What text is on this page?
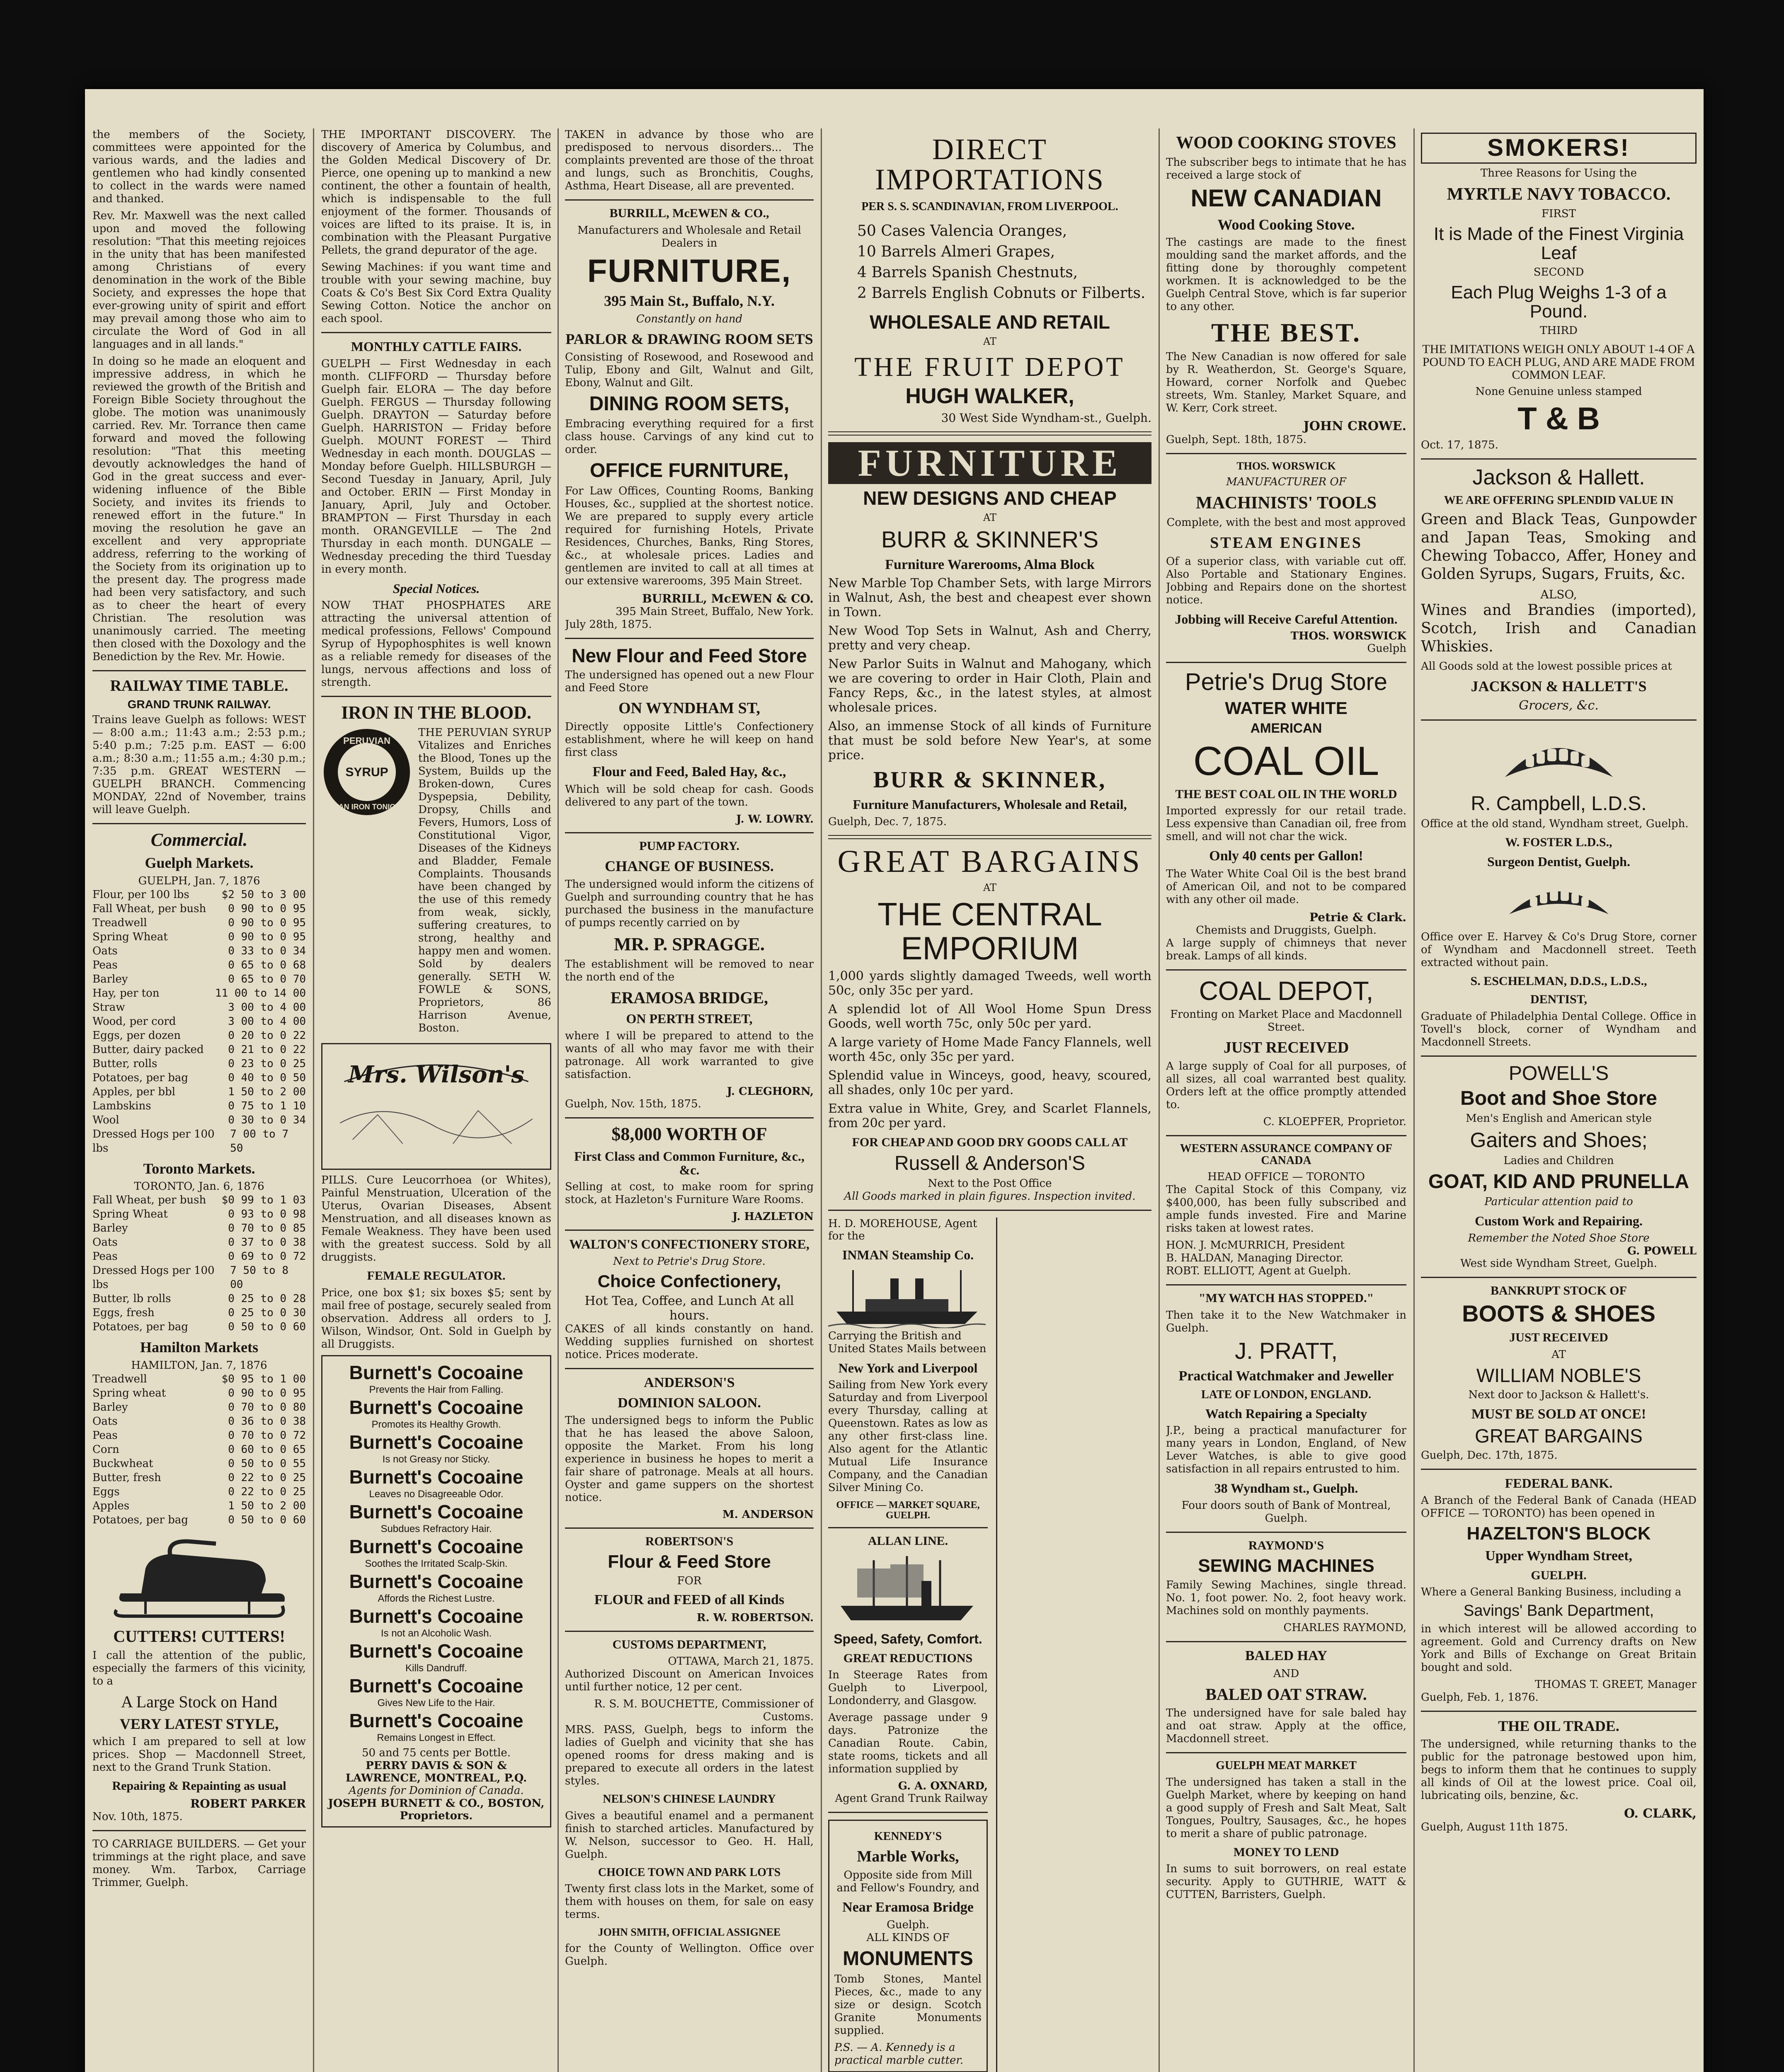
the members of the Society, committees were appointed for the various wards, and the ladies and gentlemen who had kindly consented to collect in the wards were named and thanked.

Rev. Mr. Maxwell was the next called upon and moved the following resolution: "That this meeting rejoices in the unity that has been manifested among Christians of every denomination in the work of the Bible Society, and expresses the hope that ever-growing unity of spirit and effort may prevail among those who aim to circulate the Word of God in all languages and in all lands."

In doing so he made an eloquent and impressive address, in which he reviewed the growth of the British and Foreign Bible Society throughout the globe. The motion was unanimously carried. Rev. Mr. Torrance then came forward and moved the following resolution: "That this meeting devoutly acknowledges the hand of God in the great success and ever-widening influence of the Bible Society, and invites its friends to renewed effort in the future." In moving the resolution he gave an excellent and very appropriate address, referring to the working of the Society from its origination up to the present day. The progress made had been very satisfactory, and such as to cheer the heart of every Christian. The resolution was unanimously carried. The meeting then closed with the Doxology and the Benediction by the Rev. Mr. Howie.

RAILWAY TIME TABLE.
GRAND TRUNK RAILWAY.

Trains leave Guelph as follows: WEST — 8:00 a.m.; 11:43 a.m.; 2:53 p.m.; 5:40 p.m.; 7:25 p.m. EAST — 6:00 a.m.; 8:30 a.m.; 11:55 a.m.; 4:30 p.m.; 7:35 p.m. GREAT WESTERN — GUELPH BRANCH. Commencing MONDAY, 22nd of November, trains will leave Guelph.

Commercial.
Guelph Markets.
GUELPH, Jan. 7, 1876
Flour, per 100 lbs	$2 50 to 3 00
Fall Wheat, per bush 0 90 to 0 95
Treadwell	0 90 to 0 95
Spring Wheat	0 90 to 0 95
Oats	0 33 to 0 34
Peas	0 65 to 0 68
Barley	0 65 to 0 70
Hay, per ton	11 00 to 14 00
Straw	3 00 to 4 00
Wood, per cord	3 00 to 4 00
Eggs, per dozen	0 20 to 0 22
Butter, dairy packed 0 21 to 0 22
Butter, rolls	0 23 to 0 25
Potatoes, per bag	0 40 to 0 50
Apples, per bbl	1 50 to 2 00
Lambskins	0 75 to 1 10
Wool	0 30 to 0 34
Dressed Hogs per 100 lbs
7 00 to 7 50
Toronto Markets.
TORONTO, Jan. 6, 1876
Fall Wheat, per bush $0 99 to 1 03
Spring Wheat	0 93 to 0 98
Barley	0 70 to 0 85
Oats	0 37 to 0 38
Peas	0 69 to 0 72
Dressed Hogs per 100 lbs
7 50 to 8 00
Butter, lb rolls	0 25 to 0 28
Eggs, fresh	0 25 to 0 30
Potatoes, per bag	0 50 to 0 60
Hamilton Markets
HAMILTON, Jan. 7, 1876
Treadwell	$0 95 to 1 00
Spring wheat	0 90 to 0 95
Barley	0 70 to 0 80
Oats	0 36 to 0 38
Peas	0 70 to 0 72
Corn	0 60 to 0 65
Buckwheat	0 50 to 0 55
Butter, fresh	0 22 to 0 25
Eggs	0 22 to 0 25
Apples	1 50 to 2 00
Potatoes, per bag	0 50 to 0 60
CUTTERS! CUTTERS!

I call the attention of the public, especially the farmers of this vicinity, to a

A Large Stock on Hand
VERY LATEST STYLE,

which I am prepared to sell at low prices. Shop — Macdonnell Street, next to the Grand Trunk Station.

Repairing & Repainting as usual
ROBERT PARKER
Nov. 10th, 1875.

TO CARRIAGE BUILDERS. — Get your trimmings at the right place, and save money. Wm. Tarbox, Carriage Trimmer, Guelph.

THE IMPORTANT DISCOVERY. The discovery of America by Columbus, and the Golden Medical Discovery of Dr. Pierce, one opening up to mankind a new continent, the other a fountain of health, which is indispensable to the full enjoyment of the former. Thousands of voices are lifted to its praise. It is, in combination with the Pleasant Purgative Pellets, the grand depurator of the age.

Sewing Machines: if you want time and trouble with your sewing machine, buy Coats & Co's Best Six Cord Extra Quality Sewing Cotton. Notice the anchor on each spool.

MONTHLY CATTLE FAIRS.

GUELPH — First Wednesday in each month. CLIFFORD — Thursday before Guelph fair. ELORA — The day before Guelph. FERGUS — Thursday following Guelph. DRAYTON — Saturday before Guelph. HARRISTON — Friday before Guelph. MOUNT FOREST — Third Wednesday in each month. DOUGLAS — Monday before Guelph. HILLSBURGH — Second Tuesday in January, April, July and October. ERIN — First Monday in January, April, July and October. BRAMPTON — First Thursday in each month. ORANGEVILLE — The 2nd Thursday in each month. DUNGALE — Wednesday preceding the third Tuesday in every month.

Special Notices.

NOW THAT PHOSPHATES ARE attracting the universal attention of medical professions, Fellows' Compound Syrup of Hypophosphites is well known as a reliable remedy for diseases of the lungs, nervous affections and loss of strength.

IRON IN THE BLOOD.
PERUVIAN
SYRUP
AN IRON TONIC

THE PERUVIAN SYRUP Vitalizes and Enriches the Blood, Tones up the System, Builds up the Broken-down, Cures Dyspepsia, Debility, Dropsy, Chills and Fevers, Humors, Loss of Constitutional Vigor, Diseases of the Kidneys and Bladder, Female Complaints. Thousands have been changed by the use of this remedy from weak, sickly, suffering creatures, to strong, healthy and happy men and women. Sold by dealers generally. SETH W. FOWLE & SONS, Proprietors, 86 Harrison Avenue, Boston.

Mrs. Wilson's

PILLS. Cure Leucorrhoea (or Whites), Painful Menstruation, Ulceration of the Uterus, Ovarian Diseases, Absent Menstruation, and all diseases known as Female Weakness. They have been used with the greatest success. Sold by all druggists.

FEMALE REGULATOR.

Price, one box $1; six boxes $5; sent by mail free of postage, securely sealed from observation. Address all orders to J. Wilson, Windsor, Ont. Sold in Guelph by all Druggists.

Burnett's Cocoaine
Prevents the Hair from Falling.
Burnett's Cocoaine
Promotes its Healthy Growth.
Burnett's Cocoaine
Is not Greasy nor Sticky.
Burnett's Cocoaine
Leaves no Disagreeable Odor.
Burnett's Cocoaine
Subdues Refractory Hair.
Burnett's Cocoaine
Soothes the Irritated Scalp-Skin.
Burnett's Cocoaine
Affords the Richest Lustre.
Burnett's Cocoaine
Is not an Alcoholic Wash.
Burnett's Cocoaine
Kills Dandruff.
Burnett's Cocoaine
Gives New Life to the Hair.
Burnett's Cocoaine
Remains Longest in Effect.
50 and 75 cents per Bottle.
PERRY DAVIS & SON & LAWRENCE, MONTREAL, P.Q.
Agents for Dominion of Canada.
JOSEPH BURNETT & CO., BOSTON, Proprietors.

TAKEN in advance by those who are predisposed to nervous disorders... The complaints prevented are those of the throat and lungs, such as Bronchitis, Coughs, Asthma, Heart Disease, all are prevented.

BURRILL, McEWEN & CO.,
Manufacturers and Wholesale and Retail Dealers in
FURNITURE,
395 Main St., Buffalo, N.Y.
Constantly on hand
PARLOR & DRAWING ROOM SETS

Consisting of Rosewood, and Rosewood and Tulip, Ebony and Gilt, Walnut and Gilt, Ebony, Walnut and Gilt.

DINING ROOM SETS,

Embracing everything required for a first class house. Carvings of any kind cut to order.

OFFICE FURNITURE,

For Law Offices, Counting Rooms, Banking Houses, &c., supplied at the shortest notice. We are prepared to supply every article required for furnishing Hotels, Private Residences, Churches, Banks, Ring Stores, &c., at wholesale prices. Ladies and gentlemen are invited to call at all times at our extensive warerooms, 395 Main Street.

BURRILL, McEWEN & CO.
395 Main Street, Buffalo, New York.
July 28th, 1875.
New Flour and Feed Store

The undersigned has opened out a new Flour and Feed Store

ON WYNDHAM ST,

Directly opposite Little's Confectionery establishment, where he will keep on hand first class

Flour and Feed, Baled Hay, &c.,

Which will be sold cheap for cash. Goods delivered to any part of the town.

J. W. LOWRY.
PUMP FACTORY.
CHANGE OF BUSINESS.

The undersigned would inform the citizens of Guelph and surrounding country that he has purchased the business in the manufacture of pumps recently carried on by

MR. P. SPRAGGE.

The establishment will be removed to near the north end of the

ERAMOSA BRIDGE,
ON PERTH STREET,

where I will be prepared to attend to the wants of all who may favor me with their patronage. All work warranted to give satisfaction.

J. CLEGHORN,
Guelph, Nov. 15th, 1875.
$8,000 WORTH OF
First Class and Common Furniture, &c., &c.

Selling at cost, to make room for spring stock, at Hazleton's Furniture Ware Rooms.

J. HAZLETON
WALTON'S CONFECTIONERY STORE,
Next to Petrie's Drug Store.
Choice Confectionery,
Hot Tea, Coffee, and Lunch At all hours.

CAKES of all kinds constantly on hand. Wedding supplies furnished on shortest notice. Prices moderate.

ANDERSON'S
DOMINION SALOON.

The undersigned begs to inform the Public that he has leased the above Saloon, opposite the Market. From his long experience in business he hopes to merit a fair share of patronage. Meals at all hours. Oyster and game suppers on the shortest notice.

M. ANDERSON
ROBERTSON'S
Flour & Feed Store
FOR
FLOUR and FEED of all Kinds
R. W. ROBERTSON.
CUSTOMS DEPARTMENT,
OTTAWA, March 21, 1875.

Authorized Discount on American Invoices until further notice, 12 per cent.

R. S. M. BOUCHETTE, Commissioner of Customs.

MRS. PASS, Guelph, begs to inform the ladies of Guelph and vicinity that she has opened rooms for dress making and is prepared to execute all orders in the latest styles.

NELSON'S CHINESE LAUNDRY

Gives a beautiful enamel and a permanent finish to starched articles. Manufactured by W. Nelson, successor to Geo. H. Hall, Guelph.

CHOICE TOWN AND PARK LOTS

Twenty first class lots in the Market, some of them with houses on them, for sale on easy terms.

JOHN SMITH, OFFICIAL ASSIGNEE

for the County of Wellington. Office over Guelph.

DIRECT IMPORTATIONS
PER S. S. SCANDINAVIAN, FROM LIVERPOOL.
50 Cases Valencia Oranges,
10 Barrels Almeri Grapes,
4 Barrels Spanish Chestnuts,
2 Barrels English Cobnuts or Filberts.
WHOLESALE AND RETAIL
AT
THE FRUIT DEPOT
HUGH WALKER,
30 West Side Wyndham-st., Guelph.
FURNITURE
NEW DESIGNS AND CHEAP
AT
BURR & SKINNER'S
Furniture Warerooms, Alma Block

New Marble Top Chamber Sets, with large Mirrors in Walnut, Ash, the best and cheapest ever shown in Town.

New Wood Top Sets in Walnut, Ash and Cherry, pretty and very cheap.

New Parlor Suits in Walnut and Mahogany, which we are covering to order in Hair Cloth, Plain and Fancy Reps, &c., in the latest styles, at almost wholesale prices.

Also, an immense Stock of all kinds of Furniture that must be sold before New Year's, at some price.

BURR & SKINNER,
Furniture Manufacturers, Wholesale and Retail,
Guelph, Dec. 7, 1875.
GREAT BARGAINS
AT
THE CENTRAL EMPORIUM

1,000 yards slightly damaged Tweeds, well worth 50c, only 35c per yard.

A splendid lot of All Wool Home Spun Dress Goods, well worth 75c, only 50c per yard.

A large variety of Home Made Fancy Flannels, well worth 45c, only 35c per yard.

Splendid value in Winceys, good, heavy, scoured, all shades, only 10c per yard.

Extra value in White, Grey, and Scarlet Flannels, from 20c per yard.

FOR CHEAP AND GOOD DRY GOODS CALL AT
Russell & Anderson'S
Next to the Post Office
All Goods marked in plain figures. Inspection invited.
H. D. MOREHOUSE, Agent for the
INMAN Steamship Co.
Carrying the British and United States Mails between
New York and Liverpool

Sailing from New York every Saturday and from Liverpool every Thursday, calling at Queenstown. Rates as low as any other first-class line. Also agent for the Atlantic Mutual Life Insurance Company, and the Canadian Silver Mining Co.

OFFICE — MARKET SQUARE, GUELPH.
ALLAN LINE.
Speed, Safety, Comfort.
GREAT REDUCTIONS

In Steerage Rates from Guelph to Liverpool, Londonderry, and Glasgow.

Average passage under 9 days. Patronize the Canadian Route. Cabin, state rooms, tickets and all information supplied by

G. A. OXNARD,
Agent Grand Trunk Railway
KENNEDY'S
Marble Works,
Opposite side from Mill and Fellow's Foundry, and
Near Eramosa Bridge
Guelph.
ALL KINDS OF
MONUMENTS

Tomb Stones, Mantel Pieces, &c., made to any size or design. Scotch Granite Monuments supplied.

P.S. — A. Kennedy is a practical marble cutter.

WOOD COOKING STOVES

The subscriber begs to intimate that he has received a large stock of

NEW CANADIAN
Wood Cooking Stove.

The castings are made to the finest moulding sand the market affords, and the fitting done by thoroughly competent workmen. It is acknowledged to be the Guelph Central Stove, which is far superior to any other.

THE BEST.

The New Canadian is now offered for sale by R. Weatherdon, St. George's Square, Howard, corner Norfolk and Quebec streets, Wm. Stanley, Market Square, and W. Kerr, Cork street.

JOHN CROWE.
Guelph, Sept. 18th, 1875.
THOS. WORSWICK
MANUFACTURER OF
MACHINISTS' TOOLS
Complete, with the best and most approved
STEAM ENGINES

Of a superior class, with variable cut off. Also Portable and Stationary Engines. Jobbing and Repairs done on the shortest notice.

Jobbing will Receive Careful Attention.
THOS. WORSWICK
Guelph
Petrie's Drug Store
WATER WHITE
AMERICAN
COAL OIL
THE BEST COAL OIL IN THE WORLD

Imported expressly for our retail trade. Less expensive than Canadian oil, free from smell, and will not char the wick.

Only 40 cents per Gallon!

The Water White Coal Oil is the best brand of American Oil, and not to be compared with any other oil made.

Petrie & Clark.
Chemists and Druggists, Guelph.

A large supply of chimneys that never break. Lamps of all kinds.

COAL DEPOT,
Fronting on Market Place and Macdonnell Street.
JUST RECEIVED

A large supply of Coal for all purposes, of all sizes, all coal warranted best quality. Orders left at the office promptly attended to.

C. KLOEPFER, Proprietor.
WESTERN ASSURANCE COMPANY OF CANADA
HEAD OFFICE — TORONTO

The Capital Stock of this Company, viz $400,000, has been fully subscribed and ample funds invested. Fire and Marine risks taken at lowest rates.

HON. J. McMURRICH, President
B. HALDAN, Managing Director.
ROBT. ELLIOTT, Agent at Guelph.
"MY WATCH HAS STOPPED."

Then take it to the New Watchmaker in Guelph.

J. PRATT,
Practical Watchmaker and Jeweller
LATE OF LONDON, ENGLAND.
Watch Repairing a Specialty

J.P., being a practical manufacturer for many years in London, England, of New Lever Watches, is able to give good satisfaction in all repairs entrusted to him.

38 Wyndham st., Guelph.
Four doors south of Bank of Montreal, Guelph.
RAYMOND'S
SEWING MACHINES

Family Sewing Machines, single thread. No. 1, foot power. No. 2, foot heavy work. Machines sold on monthly payments.

CHARLES RAYMOND,
BALED HAY
AND
BALED OAT STRAW.

The undersigned have for sale baled hay and oat straw. Apply at the office, Macdonnell street.

GUELPH MEAT MARKET

The undersigned has taken a stall in the Guelph Market, where by keeping on hand a good supply of Fresh and Salt Meat, Salt Tongues, Poultry, Sausages, &c., he hopes to merit a share of public patronage.

MONEY TO LEND

In sums to suit borrowers, on real estate security. Apply to GUTHRIE, WATT & CUTTEN, Barristers, Guelph.

SMOKERS!
Three Reasons for Using the
MYRTLE NAVY TOBACCO.
FIRST
It is Made of the Finest Virginia Leaf
SECOND
Each Plug Weighs 1-3 of a Pound.
THIRD
THE IMITATIONS WEIGH ONLY ABOUT 1-4 OF A POUND TO EACH PLUG, AND ARE MADE FROM COMMON LEAF.
None Genuine unless stamped
T & B
Oct. 17, 1875.
Jackson & Hallett.
WE ARE OFFERING SPLENDID VALUE IN

Green and Black Teas, Gunpowder and Japan Teas, Smoking and Chewing Tobacco, Affer, Honey and Golden Syrups, Sugars, Fruits, &c.

ALSO,

Wines and Brandies (imported), Scotch, Irish and Canadian Whiskies.

All Goods sold at the lowest possible prices at

JACKSON & HALLETT'S
Grocers, &c.
R. Campbell, L.D.S.

Office at the old stand, Wyndham street, Guelph.

W. FOSTER L.D.S.,
Surgeon Dentist, Guelph.

Office over E. Harvey & Co's Drug Store, corner of Wyndham and Macdonnell street. Teeth extracted without pain.

S. ESCHELMAN, D.D.S., L.D.S.,
DENTIST,

Graduate of Philadelphia Dental College. Office in Tovell's block, corner of Wyndham and Macdonnell Streets.

POWELL'S
Boot and Shoe Store
Men's English and American style
Gaiters and Shoes;
Ladies and Children
GOAT, KID AND PRUNELLA
Particular attention paid to
Custom Work and Repairing.
Remember the Noted Shoe Store
G. POWELL
West side Wyndham Street, Guelph.
BANKRUPT STOCK OF
BOOTS & SHOES
JUST RECEIVED
AT
WILLIAM NOBLE'S
Next door to Jackson & Hallett's.
MUST BE SOLD AT ONCE!
GREAT BARGAINS
Guelph, Dec. 17th, 1875.
FEDERAL BANK.

A Branch of the Federal Bank of Canada (HEAD OFFICE — TORONTO) has been opened in

HAZELTON'S BLOCK
Upper Wyndham Street,
GUELPH.

Where a General Banking Business, including a

Savings' Bank Department,

in which interest will be allowed according to agreement. Gold and Currency drafts on New York and Bills of Exchange on Great Britain bought and sold.

THOMAS T. GREET, Manager
Guelph, Feb. 1, 1876.
THE OIL TRADE.

The undersigned, while returning thanks to the public for the patronage bestowed upon him, begs to inform them that he continues to supply all kinds of Oil at the lowest price. Coal oil, lubricating oils, benzine, &c.

O. CLARK,
Guelph, August 11th 1875.
